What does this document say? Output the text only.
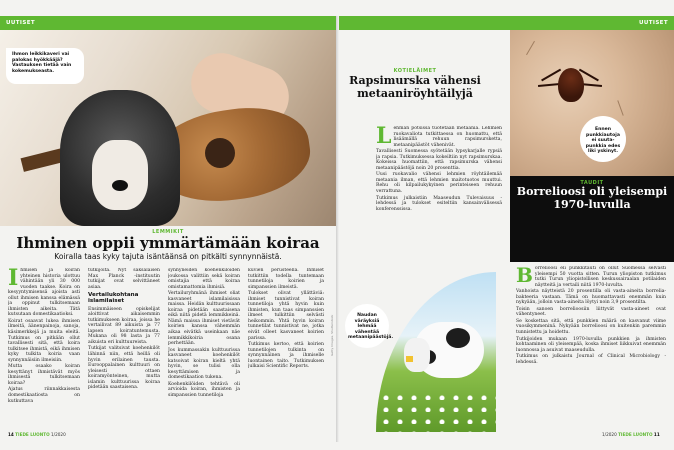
UUTISET	UUTISET
Ihmon leikkikaveri vai palokas hyökkääjä? Vastauksen tietää vain kokemukseasta.
LEMMIKIT
Ihminen oppii ymmärtämään koiraa
Koiralla taas kyky tajuta isäntäänsä on pitkälti synnynnäistä.
I hmisen ja koiran yhteinen historia ulottuu vähintään yli 30 000 vuoden taakse. Koira on kesyyntymisensä ajoista asti ollut ihmisen kanssa elämässä ja oppinut tulkitsemaan ihmisten aikeita. Tätä kutsutaan domestikaatioksi.

Koirat osaavat lukea ihmisen ilmeitä, äänenpainoja, sanoja, käsimerkkejä ja muita eleitä. Tutkimus on pitkään ollut tavallisesti sitä, että koira tulkitsee ihmistä, eikä ihmisen kyky tulkita koiria vaan synnynnäisiin ilmeisiin.

Mutta osaako koiran kesyttänyt ihmistävät myös ihmisestä tulkitsemaan koiraa?

Ajatus riinnakkaisesta domestikaatiosta on kutkuttava

tutkijoita. Nyt saksalaisen Max Planck -instituutin tutkijat ovat selvittäneet asiaa.

Vertailukohtana islamilaiset

Ensimmäiseen opiskelijat aloittivat aikaisemmin tutkimukseen koiraa, joissa he vertailivat 89 aikuista ja 77 lapsen koiratuntemusta. Mukana oli 98 lasta ja 77 aikuista eri kulttuureista.

Tutkijat valitsivat koehenkilöt lähinnä niin, että heillä oli hyvin erilainen tausta. Eurooppalainen kulttuuri on yleisesti ottaen koiramyönteinen, mutta islamin kulttuurissa koiraa pidetään saastaisena.

synnyneiden koehenkilöiden joukossa valittiin sekä koiran omistajia että koiraa omistamattomia ihmisiä.

Vertailuryhmänä ihmiset oliat kasvaneet islamilaisissa maissa. Heidän kulttuurissaan koiraa pidetään saastaisena eikä niitä pidetä lemmikkeinä. Nämä maissa ihmiset vietävät koirien kanssa vähemmän aikaa eivätkä useinkaan näe lemmikkikoiria osana perhettään.

Jos kummassakin kulttuurissa kasvaneet koehenkilöt katsoivat koiran kieltä yhtä hyvin, se tulisi olla kesyttämisen ja domestikaation tukena.

Koehenkilöiden tehtävä oli arvioida koiran, ihmisten ja simpanssien tunnetiloja

kuvien perusteella. Ihmiset tutkittiin todella tuntemaan tunnetiloja koirien ja simpanssien ilmeistä.

Tulokset olivat yllättäviä: ihmiset tunnistivat koiran tunnetiloja yhtä hyvin kuin ihmisten, kun taas simpanssien ilmeet tulkittiin selvästi heikommin. Yhtä hyvin koiran tunnetilat tunnistivat ne, jotka eivät olleet kasvaneet koirien parissa.

Tutkimus kertoo, että koirien tunnetilojen tulkinta on synnynnäinen ja ihmiselle luontainen taito. Tutkimuksen julkaisi Scientific Reports.

Getty Images, Shutterstock
14 TIEDE LUONTO 1/2020
KOTIELÄIMET
Rapsimurska vähensi metaaniröyhtäilyjä
L ehmän pötsissä tuotetaan metaania. Lehmien ruokavaliota tutkittaessa on huomattu, että lisäämällä rehuun rapsimursketta, metaanipäästöt vähenivät.

Tavallisesti Suomessa syötetään lypsykarjalle rypsiä ja rapsia. Tutkimuksessa kokeiltiin nyt rapsimurskaa. Kokeissa huomattiin, että rapsimurska vähensi metaanipäästöjä noin 20 prosenttia.

Uusi ruokavalio vähensi lehmien röyhtäilemää metaania ilman, että lehmien maitotuotos muuttui. Rehu oli kilpailukykyinen perinteiseen rehuun verrattuna.

Tutkimus julkaistiin Maaseudun Tulevaisuus -lehdessä ja tulokset esiteltiin kansainvälisessä konferenssissa.

Naudan väräyksiä lehmää vähentää metaanipäästöjä.
Ennen punkkiautoja ei suuta-punkkia edes liki yskinyt.
TAUDIT
Borrelioosi oli yleisempi 1970-luvulla
B orrelioosi eli punkkitauti on ollut Suomessa selvästi yleisempi 50 vuotta sitten. Turun yliopiston tutkimus tutki Turun yliopistollisen keskussairaalan potilaiden näytteitä ja vertaili niitä 1970-luvulta.

Vanhoista näytteistä 20 prosentilla oli vasta-aineita borrelia-bakteeria vastaan. Tämä on huomattavasti enemmän kuin nykyään, jolloin vasta-aineita löytyi noin 3,9 prosentilta.

Toisin sanoen borrelioosiin liittyvät vasta-aineet ovat vähentyneet.

Se koskettaa sitä, että punkkien määrä on kasvanut viime vuosikymmeninä. Nykyään borrelioosi on kuitenkin paremmin tunnistettu ja hoidettu.

Tutkijoiden mukaan 1970-luvulla punkkien ja ihmisten kohtaaminen oli yleisempää, koska ihmiset liikkuivat enemmän luonnossa ja asuivat maaseudulla.

Tutkimus on julkaistu Journal of Clinical Microbiology -lehdessä.

1/2020 TIEDE LUONTO 11
